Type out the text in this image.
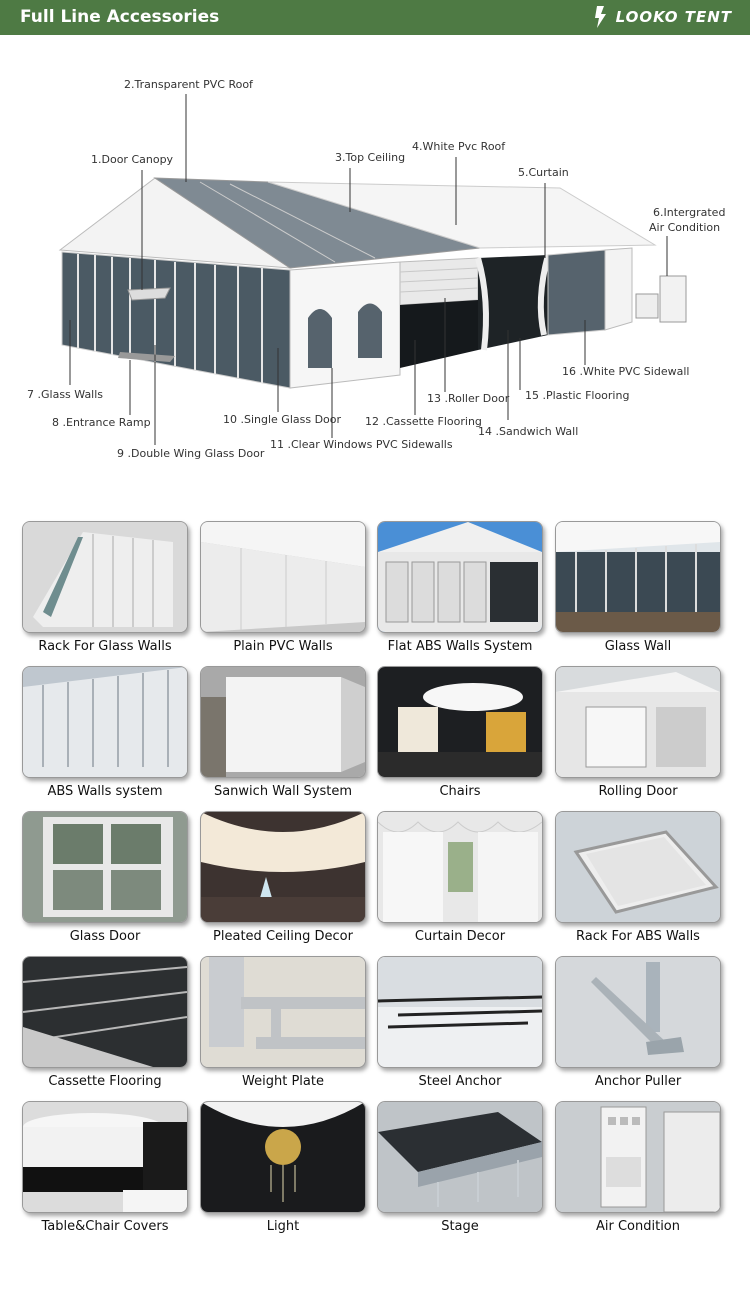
Full Line Accessories	LOOKO TENT
2.Transparent PVC Roof
1.Door Canopy	3.Top Ceiling
4.White Pvc Roof
5.Curtain
6.Intergrated
Air Condition
16 .White PVC Sidewall
15 .Plastic Flooring
13 .Roller Door
14 .Sandwich Wall
12 .Cassette Flooring
10 .Single Glass Door
11 .Clear Windows PVC Sidewalls
7 .Glass Walls
8 .Entrance Ramp
9 .Double Wing Glass Door
Rack For Glass Walls	Plain PVC Walls	Flat ABS Walls System	Glass Wall
ABS Walls system	Sanwich Wall System	Chairs	Rolling Door
Glass Door	Pleated Ceiling Decor	Curtain Decor	Rack For ABS Walls
Cassette Flooring	Weight Plate	Steel Anchor	Anchor Puller
Table&Chair Covers	Light	Stage	Air Condition
